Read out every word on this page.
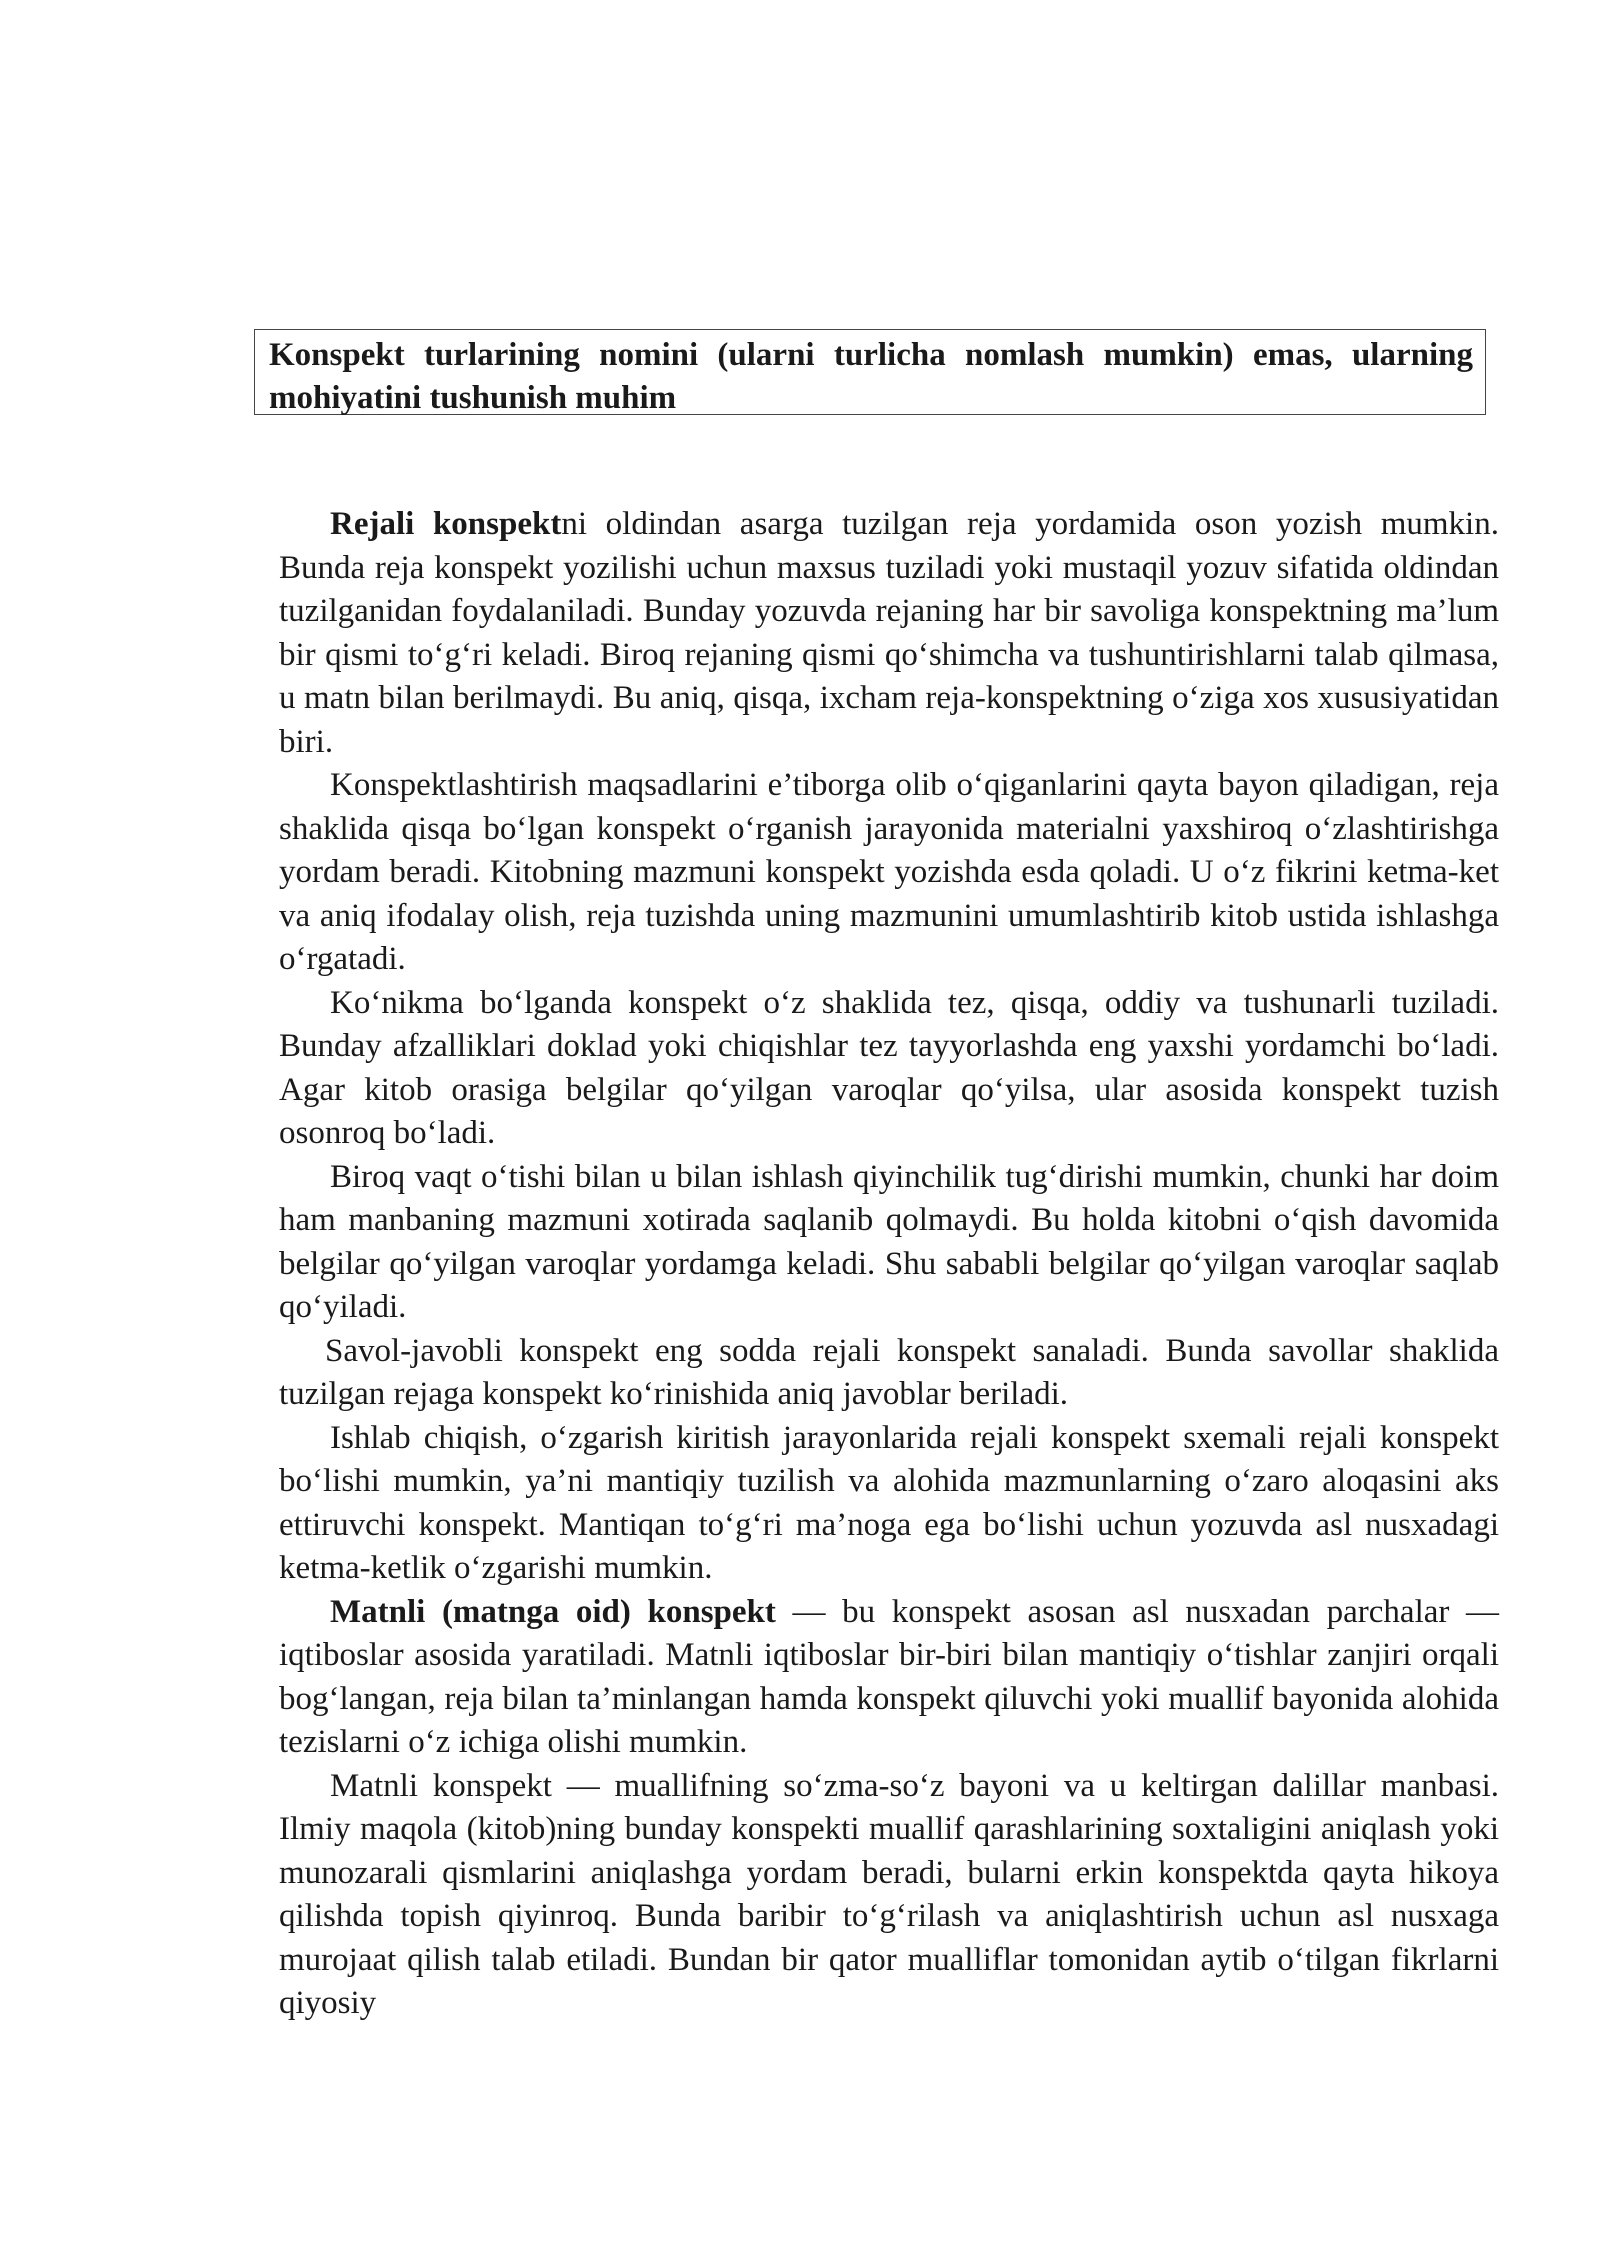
Konspekt turlarining nomini (ularni turlicha nomlash mumkin) emas, ularning mohiyatini tushunish muhim

Rejali konspektni oldindan asarga tuzilgan reja yordamida oson yozish mumkin. Bunda reja konspekt yozilishi uchun maxsus tuziladi yoki mustaqil yozuv sifatida oldindan tuzilganidan foydalaniladi. Bunday yozuvda rejaning har bir savoliga konspektning ma’lum bir qismi to‘g‘ri keladi. Biroq rejaning qismi qo‘shimcha va tushuntirishlarni talab qilmasa, u matn bilan berilmaydi. Bu aniq, qisqa, ixcham reja-konspektning o‘ziga xos xususiyatidan biri.

Konspektlashtirish maqsadlarini e’tiborga olib o‘qiganlarini qayta bayon qiladigan, reja shaklida qisqa bo‘lgan konspekt o‘rganish jarayonida materialni yaxshiroq o‘zlashtirishga yordam beradi. Kitobning mazmuni konspekt yozishda esda qoladi. U o‘z fikrini ketma-ket va aniq ifodalay olish, reja tuzishda uning mazmunini umumlashtirib kitob ustida ishlashga o‘rgatadi.

Ko‘nikma bo‘lganda konspekt o‘z shaklida tez, qisqa, oddiy va tushunarli tuziladi. Bunday afzalliklari doklad yoki chiqishlar tez tayyorlashda eng yaxshi yordamchi bo‘ladi. Agar kitob orasiga belgilar qo‘yilgan varoqlar qo‘yilsa, ular asosida konspekt tuzish osonroq bo‘ladi.

Biroq vaqt o‘tishi bilan u bilan ishlash qiyinchilik tug‘dirishi mumkin, chunki har doim ham manbaning mazmuni xotirada saqlanib qolmaydi. Bu holda kitobni o‘qish davomida belgilar qo‘yilgan varoqlar yordamga keladi. Shu sababli belgilar qo‘yilgan varoqlar saqlab qo‘yiladi.

Savol-javobli konspekt eng sodda rejali konspekt sanaladi. Bunda savollar shaklida tuzilgan rejaga konspekt ko‘rinishida aniq javoblar beriladi.

Ishlab chiqish, o‘zgarish kiritish jarayonlarida rejali konspekt sxemali rejali konspekt bo‘lishi mumkin, ya’ni mantiqiy tuzilish va alohida mazmunlarning o‘zaro aloqasini aks ettiruvchi konspekt. Mantiqan to‘g‘ri ma’noga ega bo‘lishi uchun yozuvda asl nusxadagi ketma-ketlik o‘zgarishi mumkin.

Matnli (matnga oid) konspekt — bu konspekt asosan asl nusxadan parchalar — iqtiboslar asosida yaratiladi. Matnli iqtiboslar bir-biri bilan mantiqiy o‘tishlar zanjiri orqali bog‘langan, reja bilan ta’minlangan hamda konspekt qiluvchi yoki muallif bayonida alohida tezislarni o‘z ichiga olishi mumkin.

Matnli konspekt — muallifning so‘zma-so‘z bayoni va u keltirgan dalillar manbasi. Ilmiy maqola (kitob)ning bunday konspekti muallif qarashlarining soxtaligini aniqlash yoki munozarali qismlarini aniqlashga yordam beradi, bularni erkin konspektda qayta hikoya qilishda topish qiyinroq. Bunda baribir to‘g‘rilash va aniqlashtirish uchun asl nusxaga murojaat qilish talab etiladi. Bundan bir qator mualliflar tomonidan aytib o‘tilgan fikrlarni qiyosiy
